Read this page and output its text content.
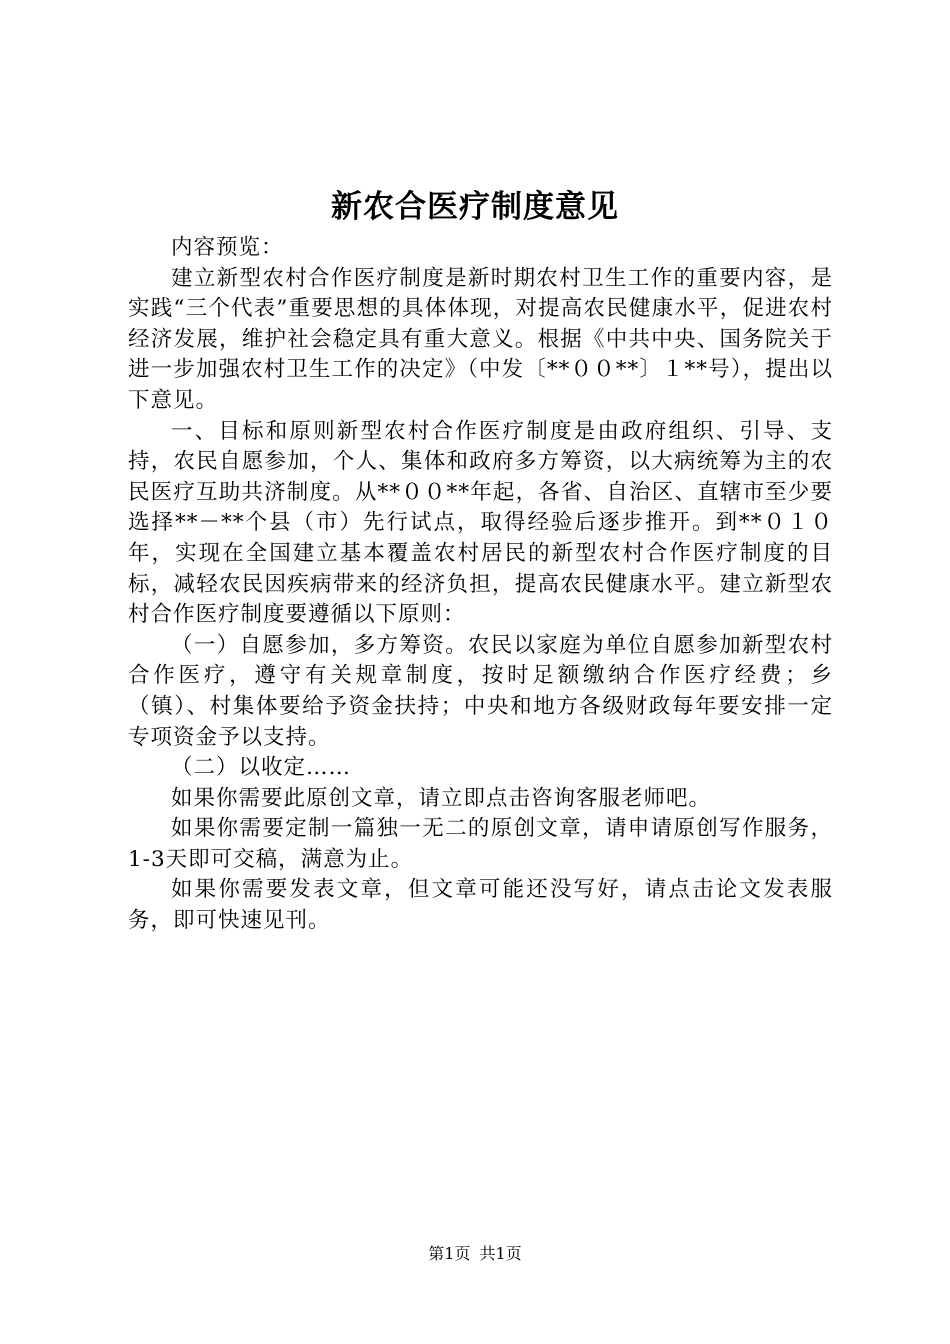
新农合医疗制度意见

内容预览：

建立新型农村合作医疗制度是新时期农村卫生工作的重要内容，是实践“三个代表”重要思想的具体体现，对提高农民健康水平，促进农村经济发展，维护社会稳定具有重大意义。根据《中共中央、国务院关于进一步加强农村卫生工作的决定》（中发〔**００**〕１**号），提出以下意见。

一、目标和原则新型农村合作医疗制度是由政府组织、引导、支持，农民自愿参加，个人、集体和政府多方筹资，以大病统筹为主的农民医疗互助共济制度。从**００**年起，各省、自治区、直辖市至少要选择**－**个县（市）先行试点，取得经验后逐步推开。到**０１０年，实现在全国建立基本覆盖农村居民的新型农村合作医疗制度的目标，减轻农民因疾病带来的经济负担，提高农民健康水平。建立新型农村合作医疗制度要遵循以下原则：

（一）自愿参加，多方筹资。农民以家庭为单位自愿参加新型农村合作医疗，遵守有关规章制度，按时足额缴纳合作医疗经费；乡（镇）、村集体要给予资金扶持；中央和地方各级财政每年要安排一定专项资金予以支持。

（二）以收定……

如果你需要此原创文章，请立即点击咨询客服老师吧。

如果你需要定制一篇独一无二的原创文章，请申请原创写作服务，1-3天即可交稿，满意为止。

如果你需要发表文章，但文章可能还没写好，请点击论文发表服务，即可快速见刊。

第1页 共1页
